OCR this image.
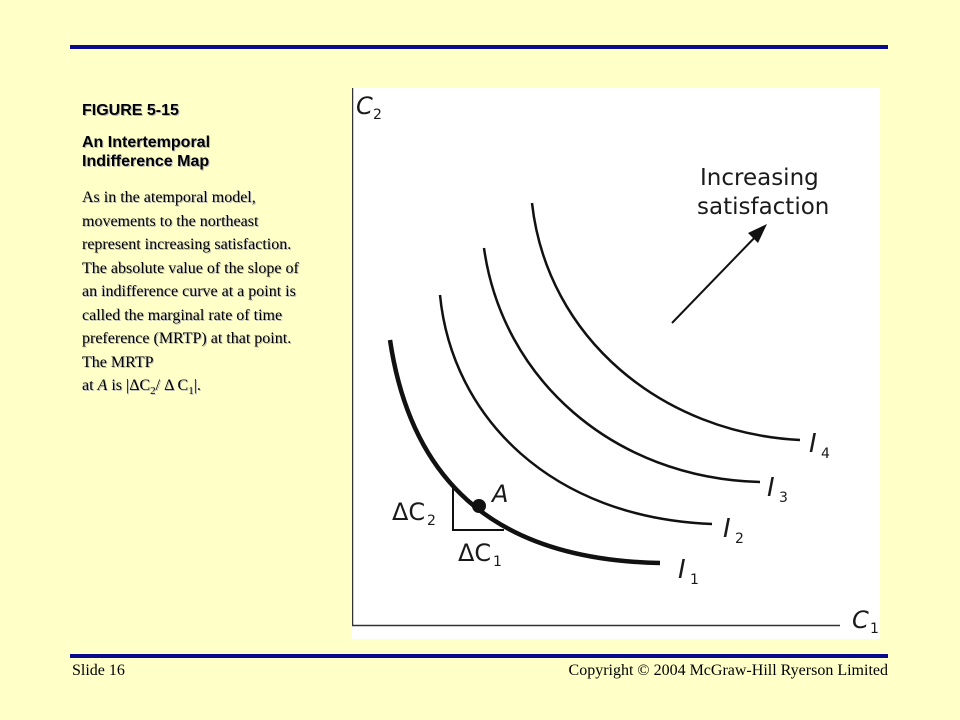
FIGURE 5-15
An Intertemporal Indifference Map
As in the atemporal model, movements to the northeast represent increasing satisfaction. The absolute value of the slope of an indifference curve at a point is called the marginal rate of time preference (MRTP) at that point. The MRTP
at A is $|\Delta C_2/$ Δ $C_1|$.
C 2
C 1
I 1
I 2
I 3
I 4
A
ΔC 2
ΔC 1
Increasing
satisfaction
Slide 16	Copyright © 2004 McGraw-Hill Ryerson Limited
